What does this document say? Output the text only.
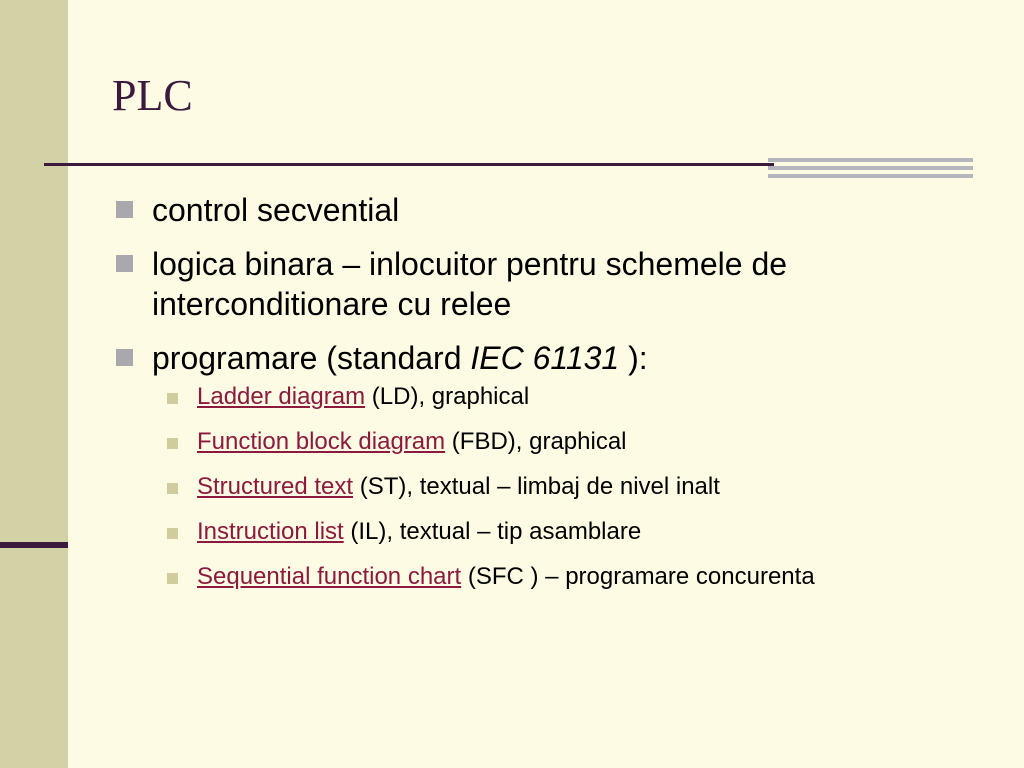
PLC
control secvential
logica binara – inlocuitor pentru schemele de interconditionare cu relee
programare (standard IEC 61131 ):
Ladder diagram (LD), graphical
Function block diagram (FBD), graphical
Structured text (ST), textual – limbaj de nivel inalt
Instruction list (IL), textual – tip asamblare
Sequential function chart (SFC ) – programare concurenta
